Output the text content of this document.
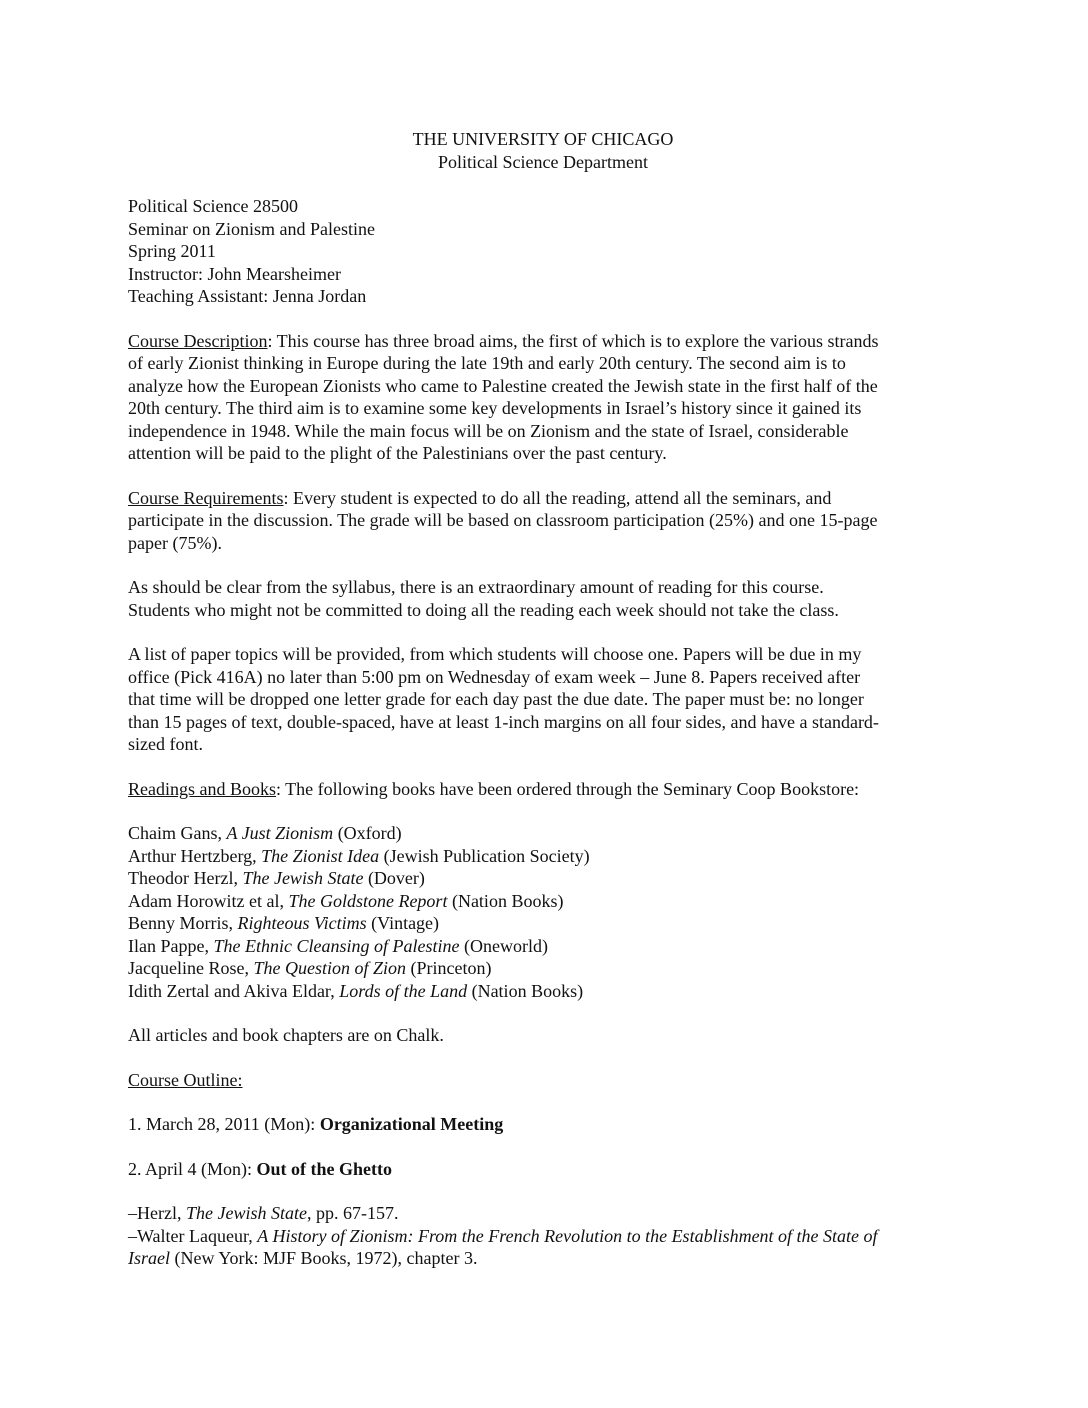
THE UNIVERSITY OF CHICAGO
Political Science Department
Political Science 28500
Seminar on Zionism and Palestine
Spring 2011
Instructor: John Mearsheimer
Teaching Assistant: Jenna Jordan
Course Description: This course has three broad aims, the first of which is to explore the various strands
of early Zionist thinking in Europe during the late 19th and early 20th century. The second aim is to
analyze how the European Zionists who came to Palestine created the Jewish state in the first half of the
20th century. The third aim is to examine some key developments in Israel’s history since it gained its
independence in 1948. While the main focus will be on Zionism and the state of Israel, considerable
attention will be paid to the plight of the Palestinians over the past century.
Course Requirements: Every student is expected to do all the reading, attend all the seminars, and
participate in the discussion. The grade will be based on classroom participation (25%) and one 15-page
paper (75%).
As should be clear from the syllabus, there is an extraordinary amount of reading for this course.
Students who might not be committed to doing all the reading each week should not take the class.
A list of paper topics will be provided, from which students will choose one. Papers will be due in my
office (Pick 416A) no later than 5:00 pm on Wednesday of exam week – June 8. Papers received after
that time will be dropped one letter grade for each day past the due date. The paper must be: no longer
than 15 pages of text, double-spaced, have at least 1-inch margins on all four sides, and have a standard-
sized font.
Readings and Books: The following books have been ordered through the Seminary Coop Bookstore:
Chaim Gans, A Just Zionism (Oxford)
Arthur Hertzberg, The Zionist Idea (Jewish Publication Society)
Theodor Herzl, The Jewish State (Dover)
Adam Horowitz et al, The Goldstone Report (Nation Books)
Benny Morris, Righteous Victims (Vintage)
Ilan Pappe, The Ethnic Cleansing of Palestine (Oneworld)
Jacqueline Rose, The Question of Zion (Princeton)
Idith Zertal and Akiva Eldar, Lords of the Land (Nation Books)
All articles and book chapters are on Chalk.
Course Outline:
1. March 28, 2011 (Mon): Organizational Meeting
2. April 4 (Mon): Out of the Ghetto
–Herzl, The Jewish State, pp. 67-157.
–Walter Laqueur, A History of Zionism: From the French Revolution to the Establishment of the State of
Israel (New York: MJF Books, 1972), chapter 3.
